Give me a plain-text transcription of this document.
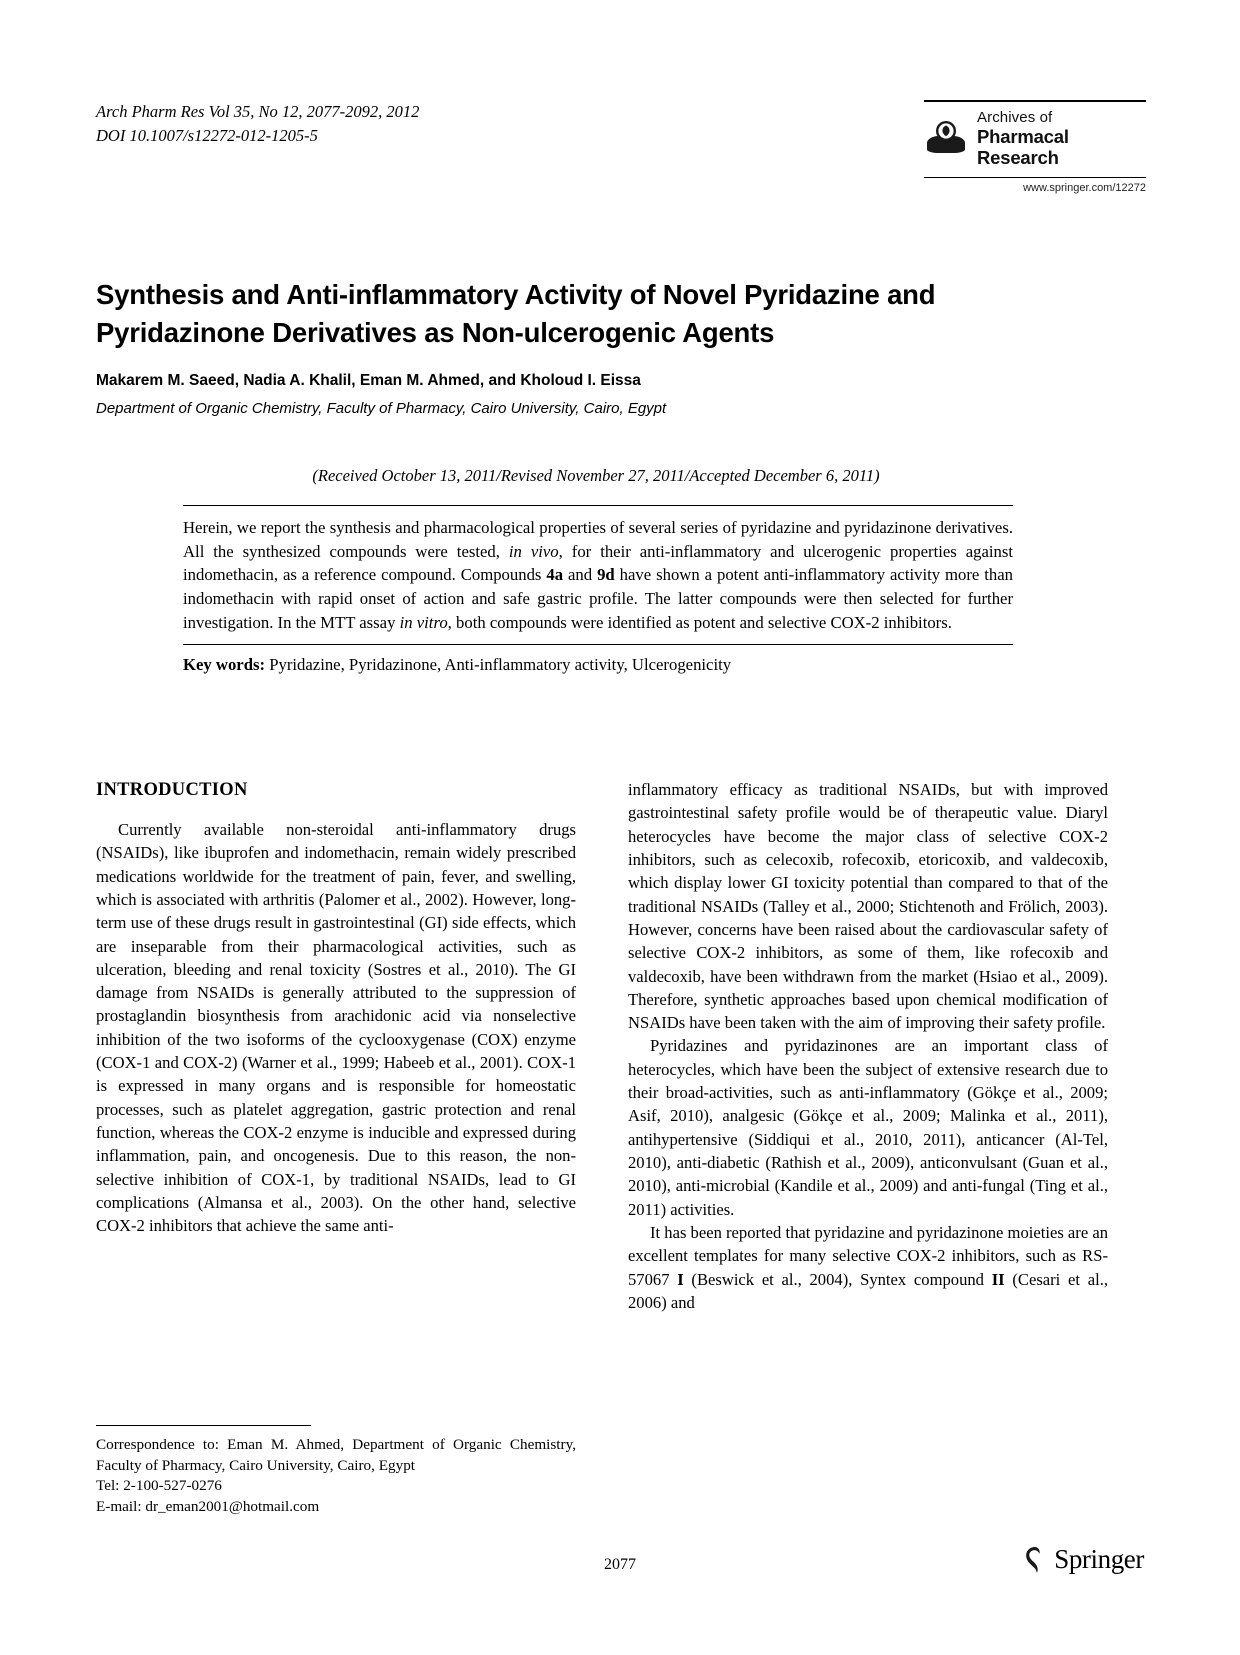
Arch Pharm Res Vol 35, No 12, 2077-2092, 2012
DOI 10.1007/s12272-012-1205-5
Archives of
Pharmacal
Research
www.springer.com/12272
Synthesis and Anti-inflammatory Activity of Novel Pyridazine and Pyridazinone Derivatives as Non-ulcerogenic Agents
Makarem M. Saeed, Nadia A. Khalil, Eman M. Ahmed, and Kholoud I. Eissa
Department of Organic Chemistry, Faculty of Pharmacy, Cairo University, Cairo, Egypt
(Received October 13, 2011/Revised November 27, 2011/Accepted December 6, 2011)
Herein, we report the synthesis and pharmacological properties of several series of pyridazine and pyridazinone derivatives. All the synthesized compounds were tested, in vivo, for their anti-inflammatory and ulcerogenic properties against indomethacin, as a reference compound. Compounds 4a and 9d have shown a potent anti-inflammatory activity more than indomethacin with rapid onset of action and safe gastric profile. The latter compounds were then selected for further investigation. In the MTT assay in vitro, both compounds were identified as potent and selective COX-2 inhibitors.
Key words: Pyridazine, Pyridazinone, Anti-inflammatory activity, Ulcerogenicity
INTRODUCTION

Currently available non-steroidal anti-inflammatory drugs (NSAIDs), like ibuprofen and indomethacin, remain widely prescribed medications worldwide for the treatment of pain, fever, and swelling, which is associated with arthritis (Palomer et al., 2002). However, long-term use of these drugs result in gastrointestinal (GI) side effects, which are inseparable from their pharmacological activities, such as ulceration, bleeding and renal toxicity (Sostres et al., 2010). The GI damage from NSAIDs is generally attributed to the suppression of prostaglandin biosynthesis from arachidonic acid via nonselective inhibition of the two isoforms of the cyclooxygenase (COX) enzyme (COX-1 and COX-2) (Warner et al., 1999; Habeeb et al., 2001). COX-1 is expressed in many organs and is responsible for homeostatic processes, such as platelet aggregation, gastric protection and renal function, whereas the COX-2 enzyme is inducible and expressed during inflammation, pain, and oncogenesis. Due to this reason, the non-selective inhibition of COX-1, by traditional NSAIDs, lead to GI complications (Almansa et al., 2003). On the other hand, selective COX-2 inhibitors that achieve the same anti-

inflammatory efficacy as traditional NSAIDs, but with improved gastrointestinal safety profile would be of therapeutic value. Diaryl heterocycles have become the major class of selective COX-2 inhibitors, such as celecoxib, rofecoxib, etoricoxib, and valdecoxib, which display lower GI toxicity potential than compared to that of the traditional NSAIDs (Talley et al., 2000; Stichtenoth and Frölich, 2003). However, concerns have been raised about the cardiovascular safety of selective COX-2 inhibitors, as some of them, like rofecoxib and valdecoxib, have been withdrawn from the market (Hsiao et al., 2009). Therefore, synthetic approaches based upon chemical modification of NSAIDs have been taken with the aim of improving their safety profile.

Pyridazines and pyridazinones are an important class of heterocycles, which have been the subject of extensive research due to their broad-activities, such as anti-inflammatory (Gökçe et al., 2009; Asif, 2010), analgesic (Gökçe et al., 2009; Malinka et al., 2011), antihypertensive (Siddiqui et al., 2010, 2011), anticancer (Al-Tel, 2010), anti-diabetic (Rathish et al., 2009), anticonvulsant (Guan et al., 2010), anti-microbial (Kandile et al., 2009) and anti-fungal (Ting et al., 2011) activities.

It has been reported that pyridazine and pyridazinone moieties are an excellent templates for many selective COX-2 inhibitors, such as RS-57067 I (Beswick et al., 2004), Syntex compound II (Cesari et al., 2006) and

Correspondence to: Eman M. Ahmed, Department of Organic Chemistry, Faculty of Pharmacy, Cairo University, Cairo, Egypt
Tel: 2-100-527-0276
E-mail: dr_eman2001@hotmail.com
2077	Springer
